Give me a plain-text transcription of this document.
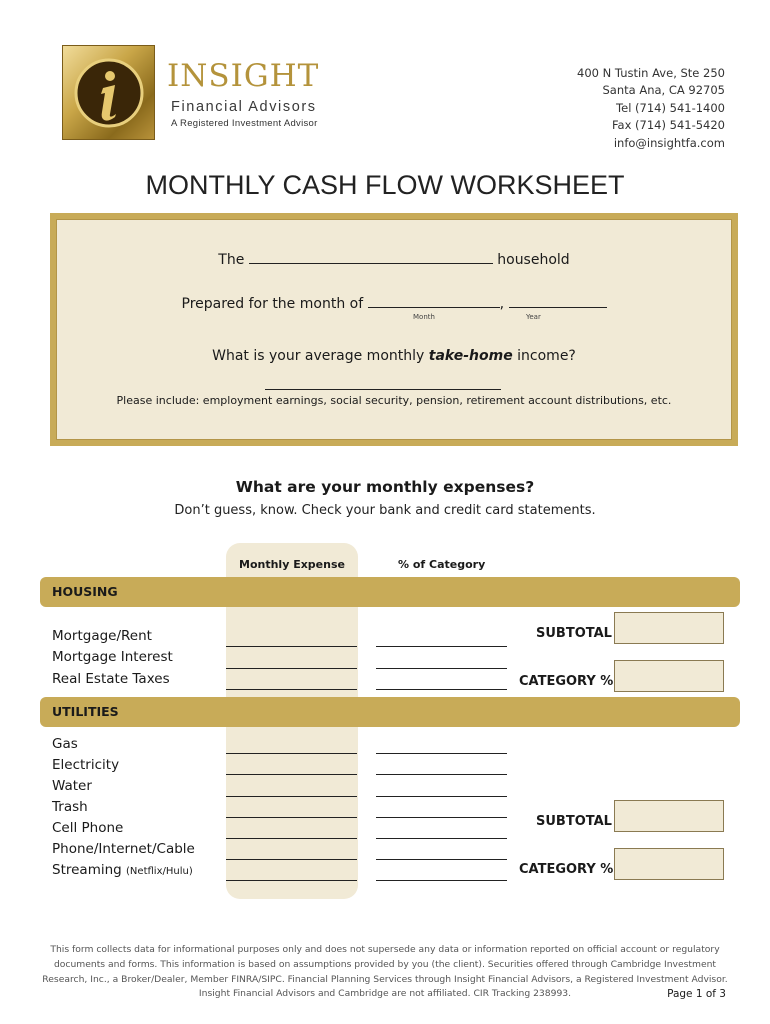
INSIGHT
Financial Advisors
A Registered Investment Advisor
400 N Tustin Ave, Ste 250
Santa Ana, CA 92705
Tel (714) 541-1400
Fax (714) 541-5420
info@insightfa.com
MONTHLY CASH FLOW WORKSHEET
The	household
Prepared for the month of	,
Month	Year
What is your average monthly take-home income?
Please include: employment earnings, social security, pension, retirement account distributions, etc.
What are your monthly expenses?
Don’t guess, know. Check your bank and credit card statements.
Monthly Expense	% of Category
HOUSING
Mortgage/Rent
Mortgage Interest
Real Estate Taxes
SUBTOTAL
CATEGORY %
UTILITIES
Gas
Electricity
Water
Trash
Cell Phone
Phone/Internet/Cable
Streaming (Netflix/Hulu)
SUBTOTAL
CATEGORY %
This form collects data for informational purposes only and does not supersede any data or information reported on official account or regulatory documents and forms. This information is based on assumptions provided by you (the client). Securities offered through Cambridge Investment Research, Inc., a Broker/Dealer, Member FINRA/SIPC. Financial Planning Services through Insight Financial Advisors, a Registered Investment Advisor. Insight Financial Advisors and Cambridge are not affiliated. CIR Tracking 238993.	Page 1 of 3
